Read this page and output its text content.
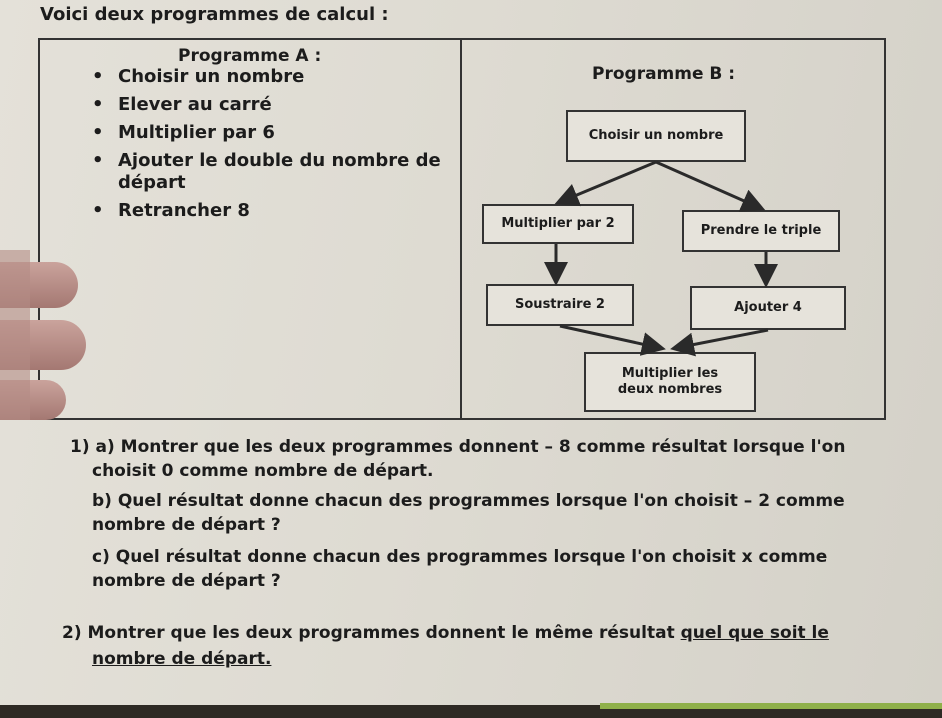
Voici deux programmes de calcul :
Programme A :
• Choisir un nombre
• Elever au carré
• Multiplier par 6
• Ajouter le double du nombre de départ
• Retrancher 8
Programme B :
Choisir un nombre
Multiplier par 2	Prendre le triple
Soustraire 2	Ajouter 4
Multiplier les deux nombres
1) a) Montrer que les deux programmes donnent – 8 comme résultat lorsque l'on
choisit 0 comme nombre de départ.
b) Quel résultat donne chacun des programmes lorsque l'on choisit – 2 comme
nombre de départ ?
c) Quel résultat donne chacun des programmes lorsque l'on choisit x comme
nombre de départ ?
2) Montrer que les deux programmes donnent le même résultat quel que soit le
nombre de départ.
